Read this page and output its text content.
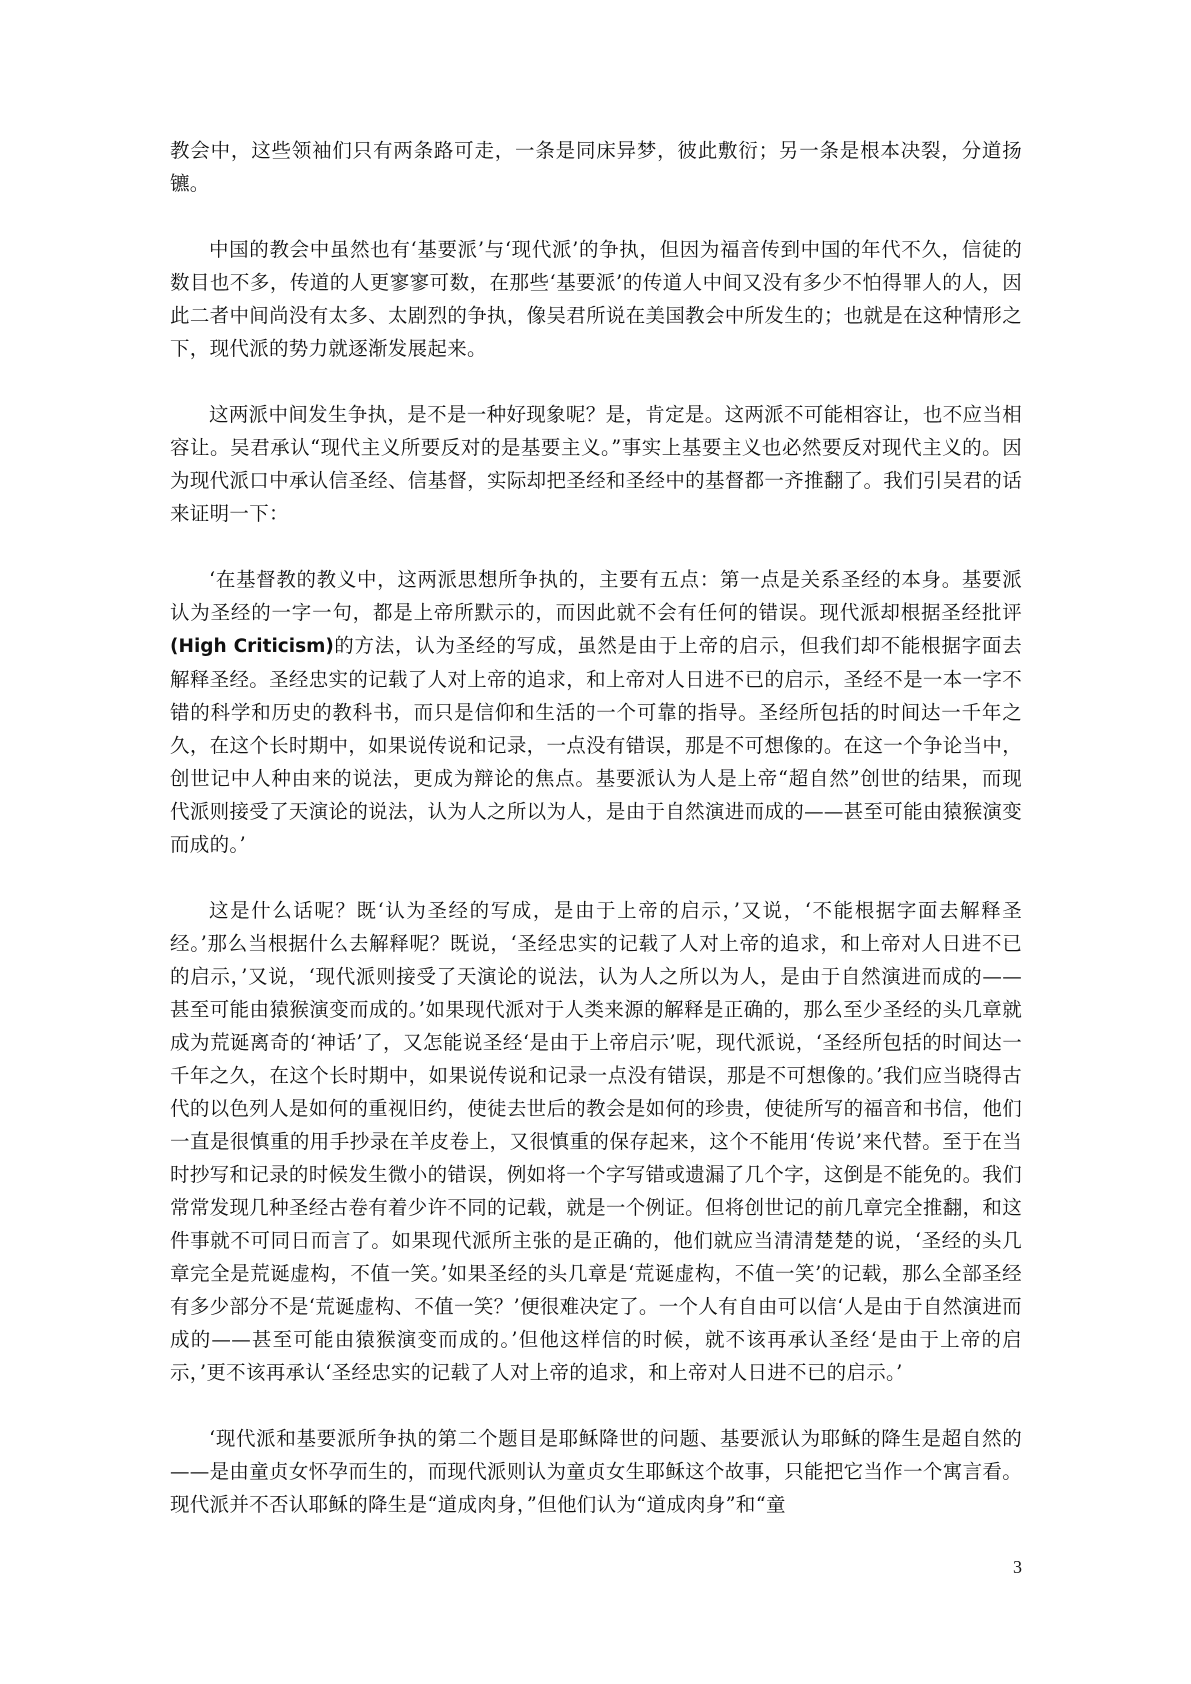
教会中，这些领袖们只有两条路可走，一条是同床异梦，彼此敷衍；另一条是根本决裂，分道扬镳。

中国的教会中虽然也有‘基要派’与‘现代派’的争执，但因为福音传到中国的年代不久，信徒的数目也不多，传道的人更寥寥可数，在那些‘基要派’的传道人中间又没有多少不怕得罪人的人，因此二者中间尚没有太多、太剧烈的争执，像吴君所说在美国教会中所发生的；也就是在这种情形之下，现代派的势力就逐渐发展起来。

这两派中间发生争执，是不是一种好现象呢？是，肯定是。这两派不可能相容让，也不应当相容让。吴君承认“现代主义所要反对的是基要主义。”事实上基要主义也必然要反对现代主义的。因为现代派口中承认信圣经、信基督，实际却把圣经和圣经中的基督都一齐推翻了。我们引吴君的话来证明一下：

‘在基督教的教义中，这两派思想所争执的，主要有五点：第一点是关系圣经的本身。基要派认为圣经的一字一句，都是上帝所默示的，而因此就不会有任何的错误。现代派却根据圣经批评(High Criticism)的方法，认为圣经的写成，虽然是由于上帝的启示，但我们却不能根据字面去解释圣经。圣经忠实的记载了人对上帝的追求，和上帝对人日进不已的启示，圣经不是一本一字不错的科学和历史的教科书，而只是信仰和生活的一个可靠的指导。圣经所包括的时间达一千年之久，在这个长时期中，如果说传说和记录，一点没有错误，那是不可想像的。在这一个争论当中，创世记中人种由来的说法，更成为辩论的焦点。基要派认为人是上帝“超自然”创世的结果，而现代派则接受了天演论的说法，认为人之所以为人，是由于自然演进而成的——甚至可能由猿猴演变而成的。’

这是什么话呢？既‘认为圣经的写成，是由于上帝的启示，’又说，‘不能根据字面去解释圣经。’那么当根据什么去解释呢？既说，‘圣经忠实的记载了人对上帝的追求，和上帝对人日进不已的启示，’又说，‘现代派则接受了天演论的说法，认为人之所以为人，是由于自然演进而成的——甚至可能由猿猴演变而成的。’如果现代派对于人类来源的解释是正确的，那么至少圣经的头几章就成为荒诞离奇的‘神话’了，又怎能说圣经‘是由于上帝启示’呢，现代派说，‘圣经所包括的时间达一千年之久，在这个长时期中，如果说传说和记录一点没有错误，那是不可想像的。’我们应当晓得古代的以色列人是如何的重视旧约，使徒去世后的教会是如何的珍贵，使徒所写的福音和书信，他们一直是很慎重的用手抄录在羊皮卷上，又很慎重的保存起来，这个不能用‘传说’来代替。至于在当时抄写和记录的时候发生微小的错误，例如将一个字写错或遗漏了几个字，这倒是不能免的。我们常常发现几种圣经古卷有着少许不同的记载，就是一个例证。但将创世记的前几章完全推翻，和这件事就不可同日而言了。如果现代派所主张的是正确的，他们就应当清清楚楚的说，‘圣经的头几章完全是荒诞虚构，不值一笑。’如果圣经的头几章是‘荒诞虚构，不值一笑’的记载，那么全部圣经有多少部分不是‘荒诞虚构、不值一笑？’便很难决定了。一个人有自由可以信‘人是由于自然演进而成的——甚至可能由猿猴演变而成的。’但他这样信的时候，就不该再承认圣经‘是由于上帝的启示，’更不该再承认‘圣经忠实的记载了人对上帝的追求，和上帝对人日进不已的启示。’

‘现代派和基要派所争执的第二个题目是耶稣降世的问题、基要派认为耶稣的降生是超自然的——是由童贞女怀孕而生的，而现代派则认为童贞女生耶稣这个故事，只能把它当作一个寓言看。现代派并不否认耶稣的降生是“道成肉身，”但他们认为“道成肉身”和“童

3
